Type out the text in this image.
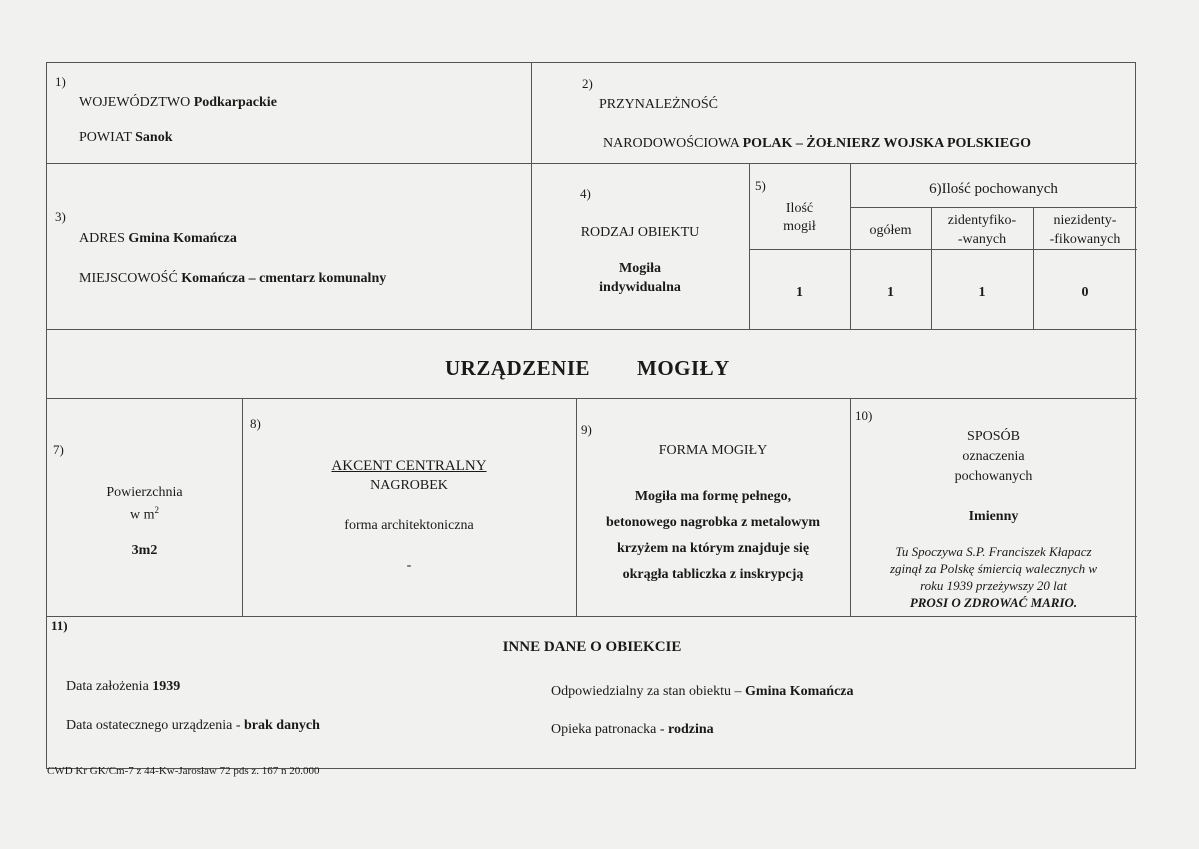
1)
WOJEWÓDZTWO Podkarpackie
POWIAT Sanok
2)
PRZYNALEŻNOŚĆ
NARODOWOŚCIOWA POLAK – ŻOŁNIERZ WOJSKA POLSKIEGO
3)
ADRES Gmina Komańcza
MIEJSCOWOŚĆ Komańcza – cmentarz komunalny
4)
RODZAJ OBIEKTU
Mogiła
indywidualna
5)
Ilość
mogił
1
6)Ilość pochowanych
ogółem
zidentyfiko-
-wanych
niezidenty-
-fikowanych
1	1	0
URZĄDZENIE MOGIŁY
7)
Powierzchnia
w $m^2$
3m2
8)
AKCENT CENTRALNY
NAGROBEK
forma architektoniczna
-
9)
FORMA MOGIŁY
Mogiła ma formę pełnego,
betonowego nagrobka z metalowym
krzyżem na którym znajduje się
okrągła tabliczka z inskrypcją
10)
SPOSÓB
oznaczenia
pochowanych
Imienny
Tu Spoczywa S.P. Franciszek Kłapacz
zginął za Polskę śmiercią walecznych w
roku 1939 przeżywszy 20 lat
PROSI O ZDROWAĆ MARIO.
11)
INNE DANE O OBIEKCIE
Data założenia 1939
Data ostatecznego urządzenia - brak danych
Odpowiedzialny za stan obiektu – Gmina Komańcza
Opieka patronacka - rodzina
CWD Kr GK/Cm-7 z 44-Kw-Jarosław 72 pds z. 167 n 20.000
